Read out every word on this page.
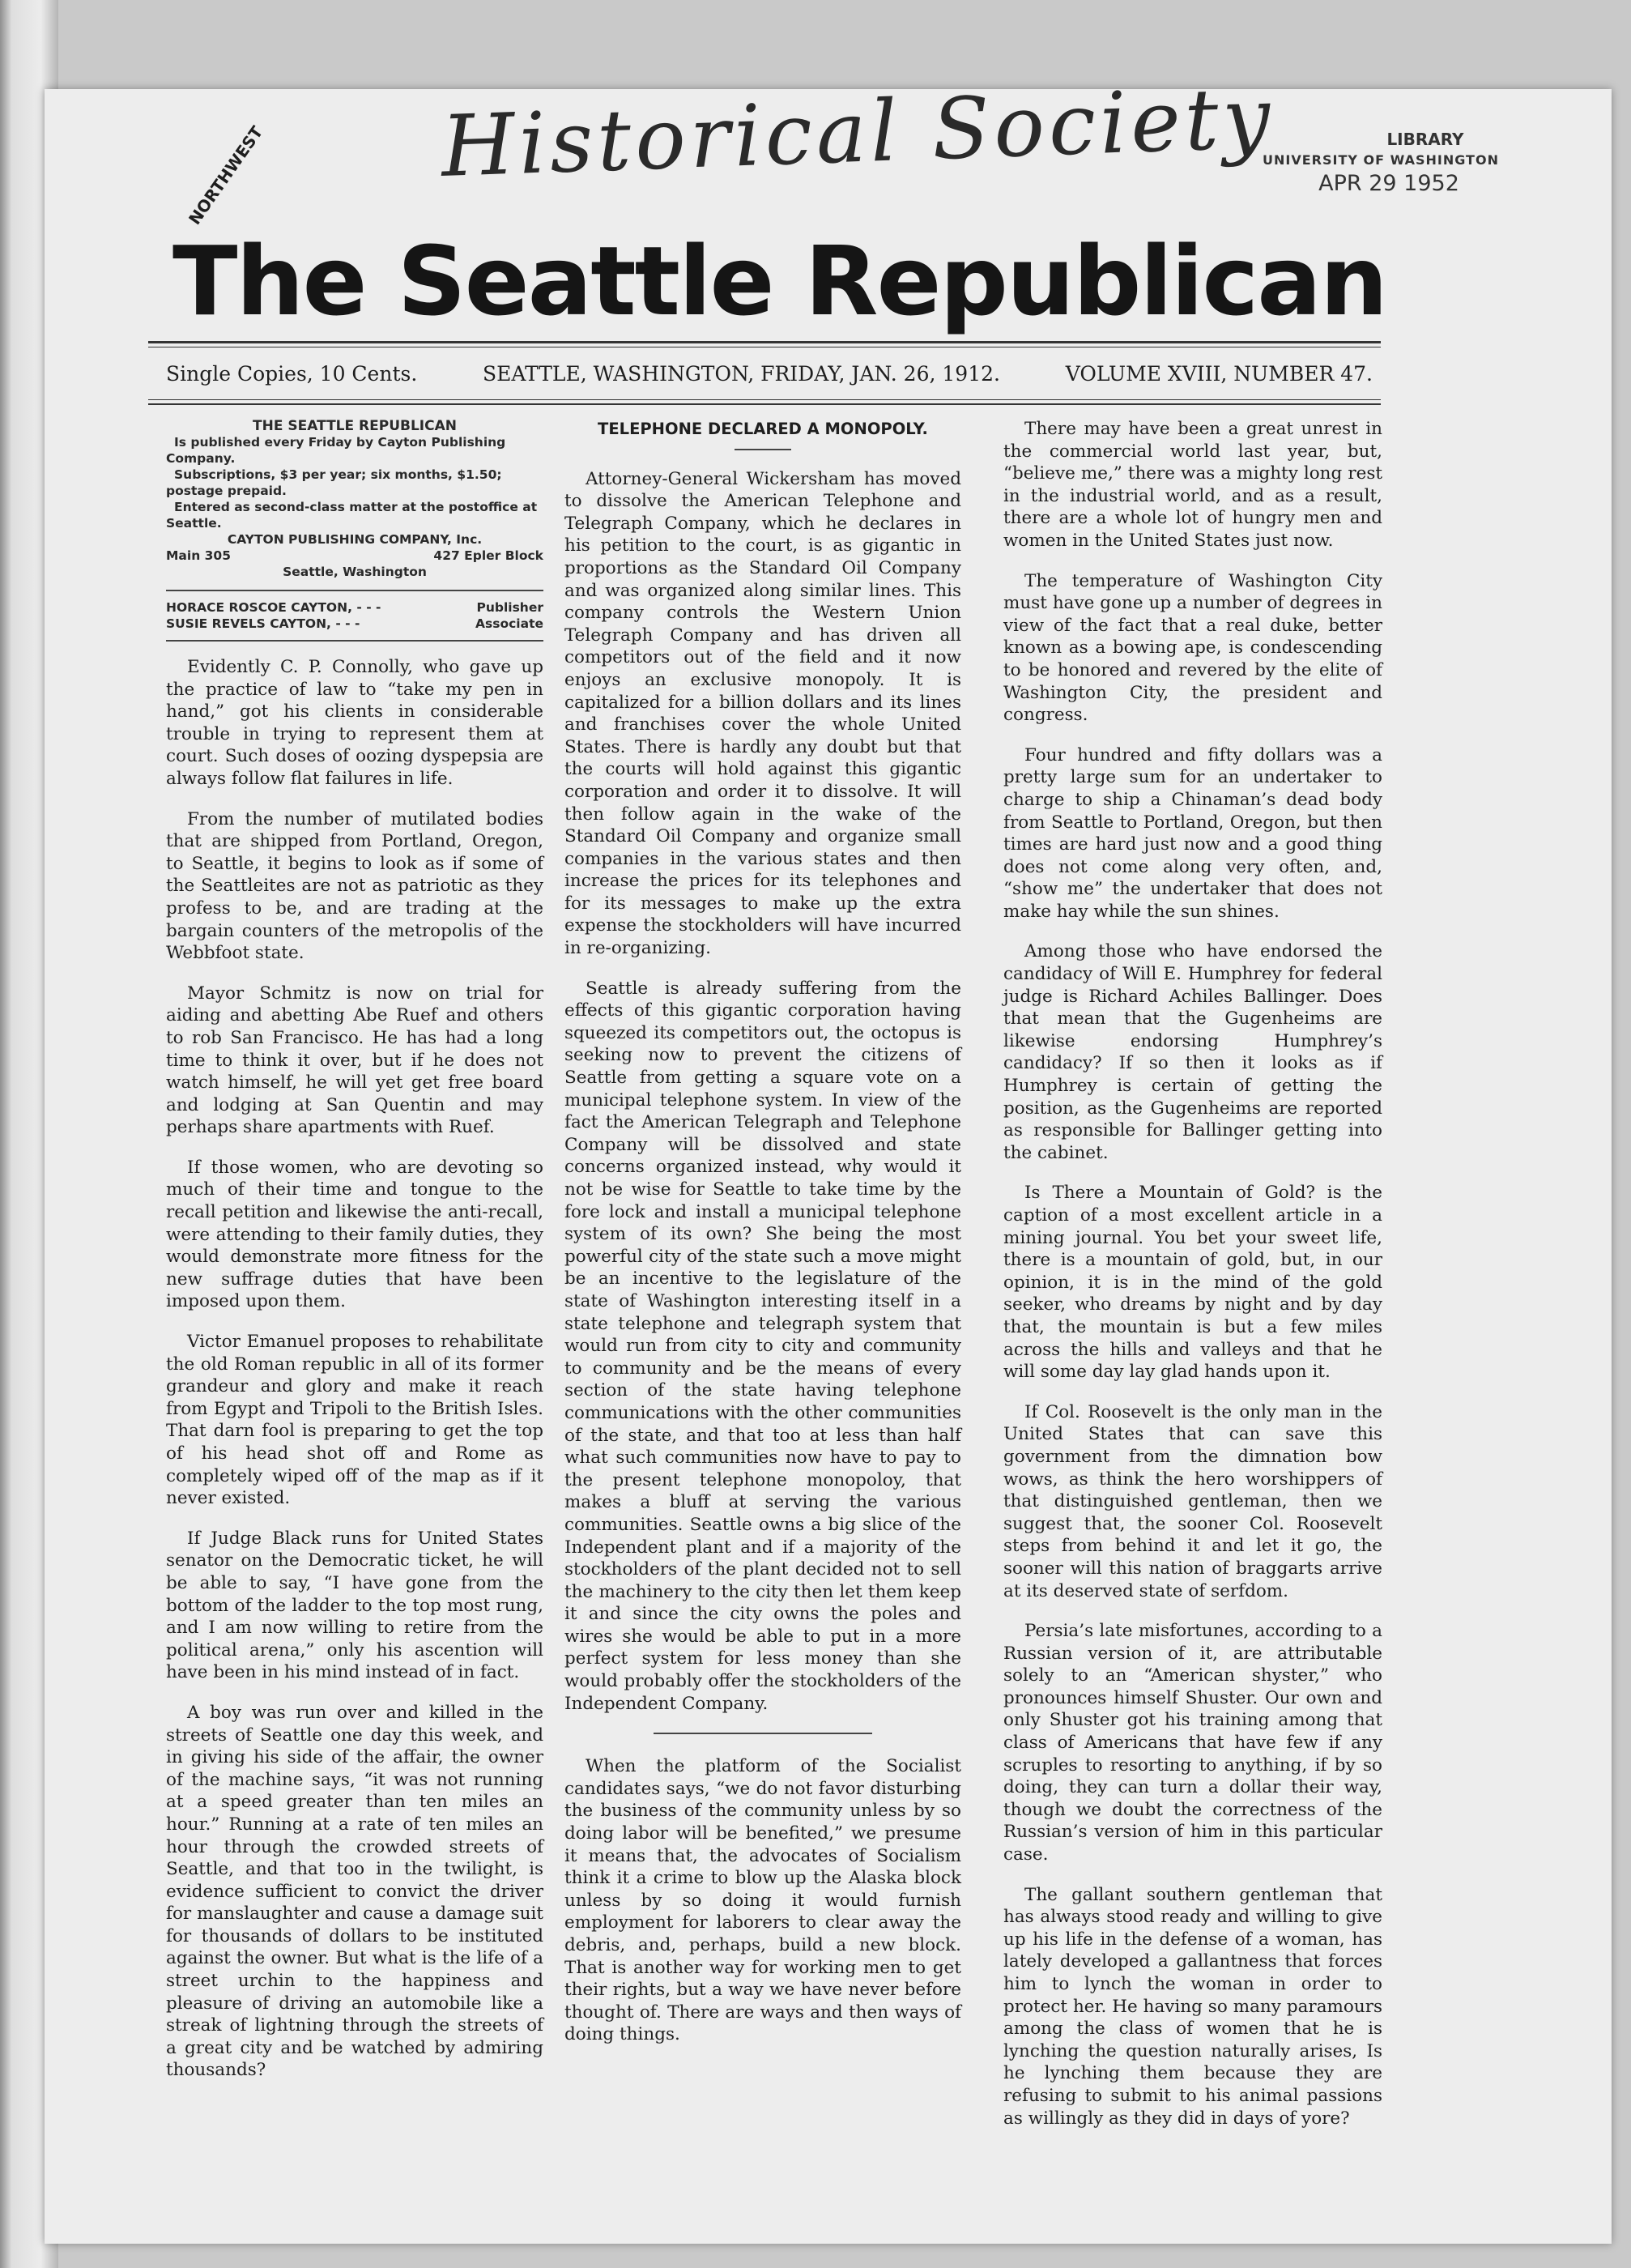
Historical Society	LIBRARY
UNIVERSITY OF WASHINGTON
APR 29 1952
NORTHWEST
The Seattle Republican
Single Copies, 10 Cents.	SEATTLE, WASHINGTON, FRIDAY, JAN. 26, 1912.	VOLUME XVIII, NUMBER 47.
THE SEATTLE REPUBLICAN
Is published every Friday by Cayton Publishing Company.
Subscriptions, $3 per year; six months, $1.50; postage prepaid.
Entered as second-class matter at the postoffice at Seattle.
CAYTON PUBLISHING COMPANY, Inc.
Main 305	427 Epler Block
Seattle, Washington
HORACE ROSCOE CAYTON, - - -	Publisher
SUSIE REVELS CAYTON, - - -	Associate

Evidently C. P. Connolly, who gave up the practice of law to “take my pen in hand,” got his clients in considerable trouble in trying to represent them at court. Such doses of oozing dyspepsia are always follow flat failures in life.

From the number of mutilated bodies that are shipped from Portland, Oregon, to Seattle, it begins to look as if some of the Seattleites are not as patriotic as they profess to be, and are trading at the bargain counters of the metropolis of the Webbfoot state.

Mayor Schmitz is now on trial for aiding and abetting Abe Ruef and others to rob San Francisco. He has had a long time to think it over, but if he does not watch himself, he will yet get free board and lodging at San Quentin and may perhaps share apartments with Ruef.

If those women, who are devoting so much of their time and tongue to the recall petition and likewise the anti-recall, were attending to their family duties, they would demonstrate more fitness for the new suffrage duties that have been imposed upon them.

Victor Emanuel proposes to rehabilitate the old Roman republic in all of its former grandeur and glory and make it reach from Egypt and Tripoli to the British Isles. That darn fool is preparing to get the top of his head shot off and Rome as completely wiped off of the map as if it never existed.

If Judge Black runs for United States senator on the Democratic ticket, he will be able to say, “I have gone from the bottom of the ladder to the top most rung, and I am now willing to retire from the political arena,” only his ascention will have been in his mind instead of in fact.

A boy was run over and killed in the streets of Seattle one day this week, and in giving his side of the affair, the owner of the machine says, “it was not running at a speed greater than ten miles an hour.” Running at a rate of ten miles an hour through the crowded streets of Seattle, and that too in the twilight, is evidence sufficient to convict the driver for manslaughter and cause a damage suit for thousands of dollars to be instituted against the owner. But what is the life of a street urchin to the happiness and pleasure of driving an automobile like a streak of lightning through the streets of a great city and be watched by admiring thousands?

TELEPHONE DECLARED A MONOPOLY.

Attorney-General Wickersham has moved to dissolve the American Telephone and Telegraph Company, which he declares in his petition to the court, is as gigantic in proportions as the Standard Oil Company and was organized along similar lines. This company controls the Western Union Telegraph Company and has driven all competitors out of the field and it now enjoys an exclusive monopoly. It is capitalized for a billion dollars and its lines and franchises cover the whole United States. There is hardly any doubt but that the courts will hold against this gigantic corporation and order it to dissolve. It will then follow again in the wake of the Standard Oil Company and organize small companies in the various states and then increase the prices for its telephones and for its messages to make up the extra expense the stockholders will have incurred in re-organizing.

Seattle is already suffering from the effects of this gigantic corporation having squeezed its competitors out, the octopus is seeking now to prevent the citizens of Seattle from getting a square vote on a municipal telephone system. In view of the fact the American Telegraph and Telephone Company will be dissolved and state concerns organized instead, why would it not be wise for Seattle to take time by the fore lock and install a municipal telephone system of its own? She being the most powerful city of the state such a move might be an incentive to the legislature of the state of Washington interesting itself in a state telephone and telegraph system that would run from city to city and community to community and be the means of every section of the state having telephone communications with the other communities of the state, and that too at less than half what such communities now have to pay to the present telephone monopoloy, that makes a bluff at serving the various communities. Seattle owns a big slice of the Independent plant and if a majority of the stockholders of the plant decided not to sell the machinery to the city then let them keep it and since the city owns the poles and wires she would be able to put in a more perfect system for less money than she would probably offer the stockholders of the Independent Company.

When the platform of the Socialist candidates says, “we do not favor disturbing the business of the community unless by so doing labor will be benefited,” we presume it means that, the advocates of Socialism think it a crime to blow up the Alaska block unless by so doing it would furnish employment for laborers to clear away the debris, and, perhaps, build a new block. That is another way for working men to get their rights, but a way we have never before thought of. There are ways and then ways of doing things.

There may have been a great unrest in the commercial world last year, but, “believe me,” there was a mighty long rest in the industrial world, and as a result, there are a whole lot of hungry men and women in the United States just now.

The temperature of Washington City must have gone up a number of degrees in view of the fact that a real duke, better known as a bowing ape, is condescending to be honored and revered by the elite of Washington City, the president and congress.

Four hundred and fifty dollars was a pretty large sum for an undertaker to charge to ship a Chinaman’s dead body from Seattle to Portland, Oregon, but then times are hard just now and a good thing does not come along very often, and, “show me” the undertaker that does not make hay while the sun shines.

Among those who have endorsed the candidacy of Will E. Humphrey for federal judge is Richard Achiles Ballinger. Does that mean that the Gugenheims are likewise endorsing Humphrey’s candidacy? If so then it looks as if Humphrey is certain of getting the position, as the Gugenheims are reported as responsible for Ballinger getting into the cabinet.

Is There a Mountain of Gold? is the caption of a most excellent article in a mining journal. You bet your sweet life, there is a mountain of gold, but, in our opinion, it is in the mind of the gold seeker, who dreams by night and by day that, the mountain is but a few miles across the hills and valleys and that he will some day lay glad hands upon it.

If Col. Roosevelt is the only man in the United States that can save this government from the dimnation bow wows, as think the hero worshippers of that distinguished gentleman, then we suggest that, the sooner Col. Roosevelt steps from behind it and let it go, the sooner will this nation of braggarts arrive at its deserved state of serfdom.

Persia’s late misfortunes, according to a Russian version of it, are attributable solely to an “American shyster,” who pronounces himself Shuster. Our own and only Shuster got his training among that class of Americans that have few if any scruples to resorting to anything, if by so doing, they can turn a dollar their way, though we doubt the correctness of the Russian’s version of him in this particular case.

The gallant southern gentleman that has always stood ready and willing to give up his life in the defense of a woman, has lately developed a gallantness that forces him to lynch the woman in order to protect her. He having so many paramours among the class of women that he is lynching the question naturally arises, Is he lynching them because they are refusing to submit to his animal passions as willingly as they did in days of yore?
